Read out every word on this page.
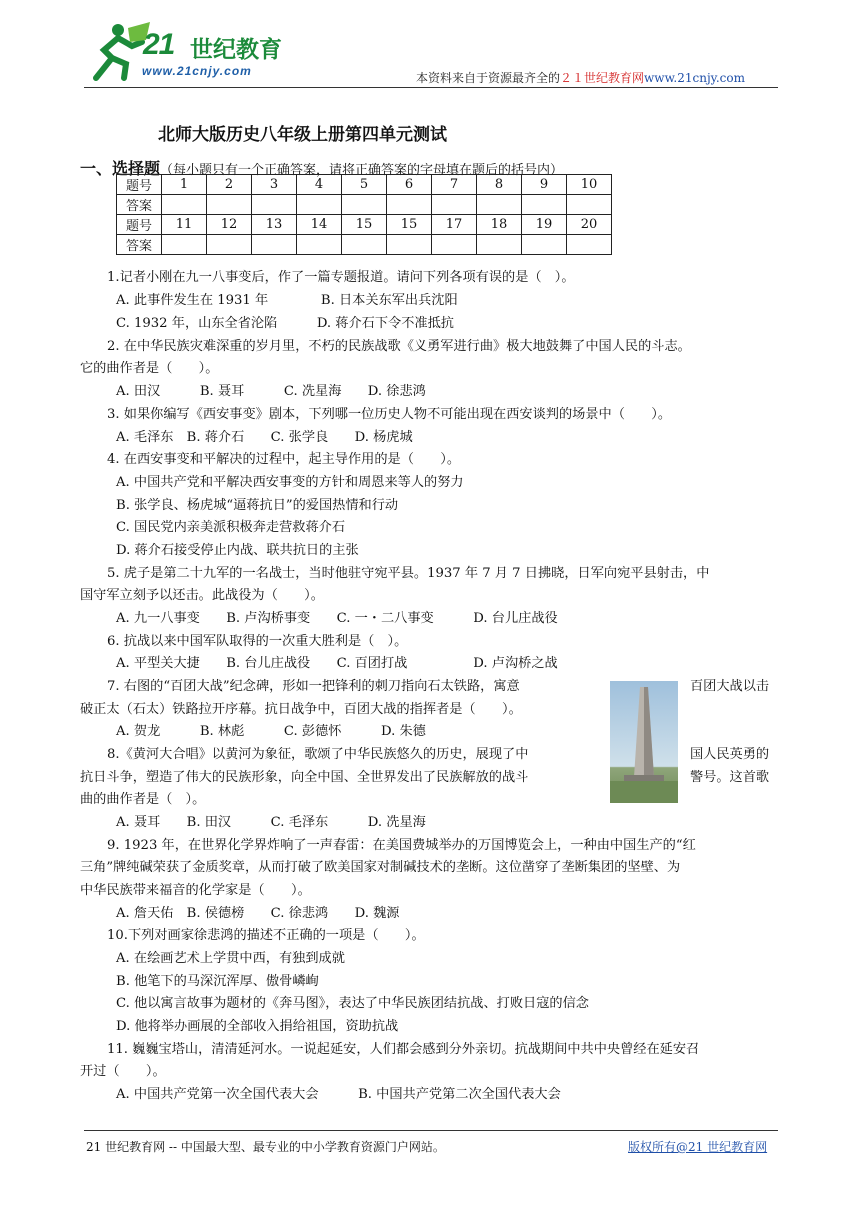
21 世纪教育
www.21cnjy.com	本资料来自于资源最齐全的２１世纪教育网www.21cnjy.com
北师大版历史八年级上册第四单元测试
一、选择题（每小题只有一个正确答案，请将正确答案的字母填在题后的括号内）
题号	1	2	3	4	5	6	7	8	9	10
答案										
题号	11	12	13	14	15	15	17	18	19	20
答案										
1.记者小刚在九一八事变后，作了一篇专题报道。请问下列各项有误的是（　）。
A. 此事件发生在 1931 年　　　　B. 日本关东军出兵沈阳
C. 1932 年，山东全省沦陷　　　D. 蒋介石下令不准抵抗
2. 在中华民族灾难深重的岁月里，不朽的民族战歌《义勇军进行曲》极大地鼓舞了中国人民的斗志。
它的曲作者是（　　）。
A. 田汉　　　B. 聂耳　　　C. 冼星海　　D. 徐悲鸿
3. 如果你编写《西安事变》剧本，下列哪一位历史人物不可能出现在西安谈判的场景中（　　）。
A. 毛泽东　B. 蒋介石　　C. 张学良　　D. 杨虎城
4. 在西安事变和平解决的过程中，起主导作用的是（　　）。
A. 中国共产党和平解决西安事变的方针和周恩来等人的努力
B. 张学良、杨虎城“逼蒋抗日”的爱国热情和行动
C. 国民党内亲美派积极奔走营救蒋介石
D. 蒋介石接受停止内战、联共抗日的主张
5. 虎子是第二十九军的一名战士，当时他驻守宛平县。1937 年 7 月 7 日拂晓，日军向宛平县射击，中
国守军立刻予以还击。此战役为（　　）。
A. 九一八事变　　B. 卢沟桥事变　　C. 一・二八事变　　　D. 台儿庄战役
6. 抗战以来中国军队取得的一次重大胜利是（　）。
A. 平型关大捷　　B. 台儿庄战役　　C. 百团打战　　　　　D. 卢沟桥之战
7. 右图的“百团大战”纪念碑，形如一把锋利的刺刀指向石太铁路，寓意	百团大战以击
破正太（石太）铁路拉开序幕。抗日战争中，百团大战的指挥者是（　　）。
A. 贺龙　　　B. 林彪　　　C. 彭德怀　　　D. 朱德
8.《黄河大合唱》以黄河为象征，歌颂了中华民族悠久的历史，展现了中	国人民英勇的
抗日斗争，塑造了伟大的民族形象，向全中国、全世界发出了民族解放的战斗	警号。这首歌
曲的曲作者是（　）。
A. 聂耳　　B. 田汉　　　C. 毛泽东　　　D. 冼星海
9. 1923 年，在世界化学界炸响了一声春雷：在美国费城举办的万国博览会上，一种由中国生产的“红
三角”牌纯碱荣获了金质奖章，从而打破了欧美国家对制碱技术的垄断。这位凿穿了垄断集团的坚壁、为
中华民族带来福音的化学家是（　　）。
A. 詹天佑　B. 侯德榜　　C. 徐悲鸿　　D. 魏源
10.下列对画家徐悲鸿的描述不正确的一项是（　　）。
A. 在绘画艺术上学贯中西，有独到成就
B. 他笔下的马深沉浑厚、傲骨嶙峋
C. 他以寓言故事为题材的《奔马图》，表达了中华民族团结抗战、打败日寇的信念
D. 他将举办画展的全部收入捐给祖国，资助抗战
11. 巍巍宝塔山，清清延河水。一说起延安，人们都会感到分外亲切。抗战期间中共中央曾经在延安召
开过（　　）。
A. 中国共产党第一次全国代表大会　　　B. 中国共产党第二次全国代表大会
21 世纪教育网 -- 中国最大型、最专业的中小学教育资源门户网站。	版权所有@21 世纪教育网
